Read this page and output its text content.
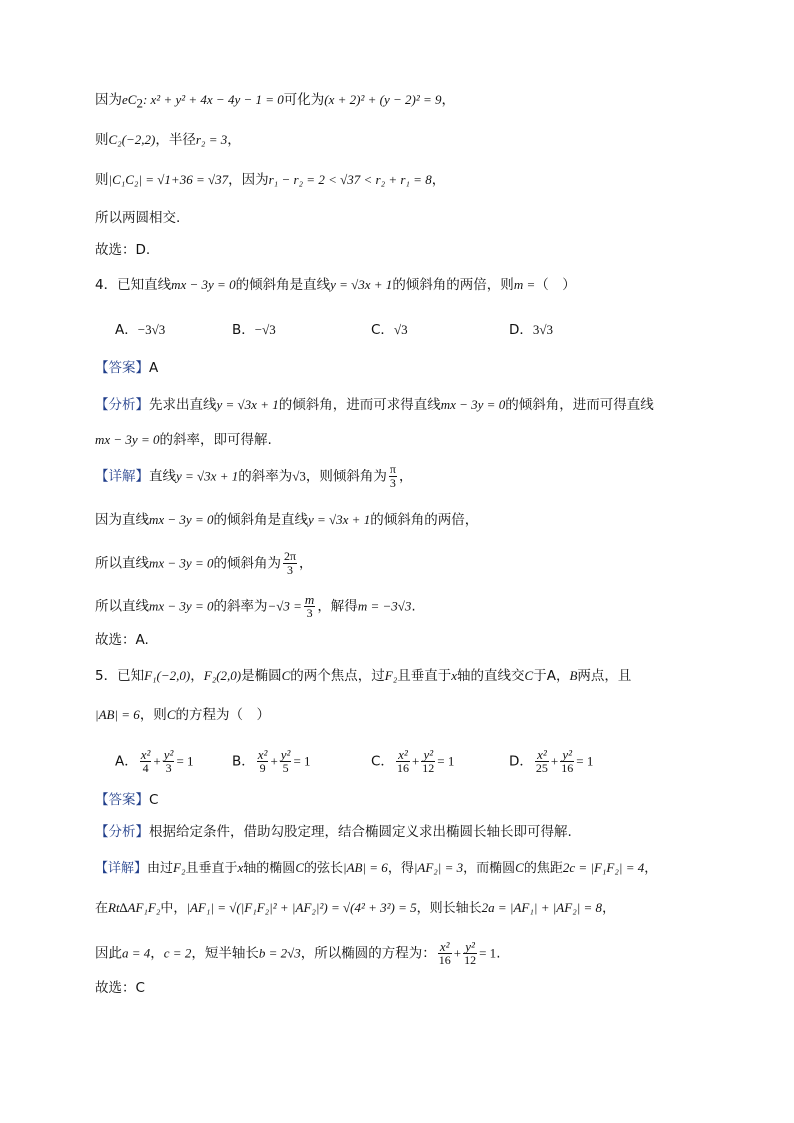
因为$eC_2$: x² + y² + 4x − 4y − 1 = 0可化为(x + 2)² + (y − 2)² = 9，
则C₂(−2,2)，半径r₂ = 3，
则|C₁C₂| = √1+36 = √37，因为r₁ − r₂ = 2 < √37 < r₂ + r₁ = 8，
所以两圆相交.
故选：D.
4．已知直线mx − 3y = 0的倾斜角是直线y = √3x + 1的倾斜角的两倍，则m =（　）
A．−3√3	B．−√3	C．√3	D．3√3
【答案】A
【分析】先求出直线y = √3x + 1的倾斜角，进而可求得直线mx − 3y = 0的倾斜角，进而可得直线
mx − 3y = 0的斜率，即可得解.
【详解】直线y = √3x + 1的斜率为√3，则倾斜角为 $\frac{\pi}{3}$ ，
因为直线mx − 3y = 0的倾斜角是直线y = √3x + 1的倾斜角的两倍，
所以直线mx − 3y = 0的倾斜角为 $\frac{2\pi}{3}$ ，
所以直线mx − 3y = 0的斜率为$-√3 = \frac{m}{3}$ ，解得m = −3√3.
故选：A.
5．已知F₁(−2,0)，F₂(2,0)是椭圆C的两个焦点，过F₂且垂直于x轴的直线交C于A，B两点，且
|AB| = 6，则C的方程为（　）
A． $\frac{\text{x²}}{4} + \frac{\text{y²}}{3} = 1$	B． $\frac{\text{x²}}{9} + \frac{\text{y²}}{5} = 1$	C． $\frac{\text{x²}}{16} + \frac{\text{y²}}{12} = 1$	D． $\frac{\text{x²}}{25} + \frac{\text{y²}}{16} = 1$
【答案】C
【分析】根据给定条件，借助勾股定理，结合椭圆定义求出椭圆长轴长即可得解.
【详解】由过F₂且垂直于x轴的椭圆C的弦长|AB| = 6，得|AF₂| = 3，而椭圆C的焦距2c = |F₁F₂| = 4，
在Rt∆AF₁F₂中，|AF₁| = √(|F₁F₂|² + |AF₂|²) = √(4² + 3²) = 5，则长轴长2a = |AF₁| + |AF₂| = 8，
因此a = 4，c = 2，短半轴长b = 2√3，所以椭圆的方程为： $\frac{\text{x²}}{16} + \frac{\text{y²}}{12} = 1$.
故选：C
